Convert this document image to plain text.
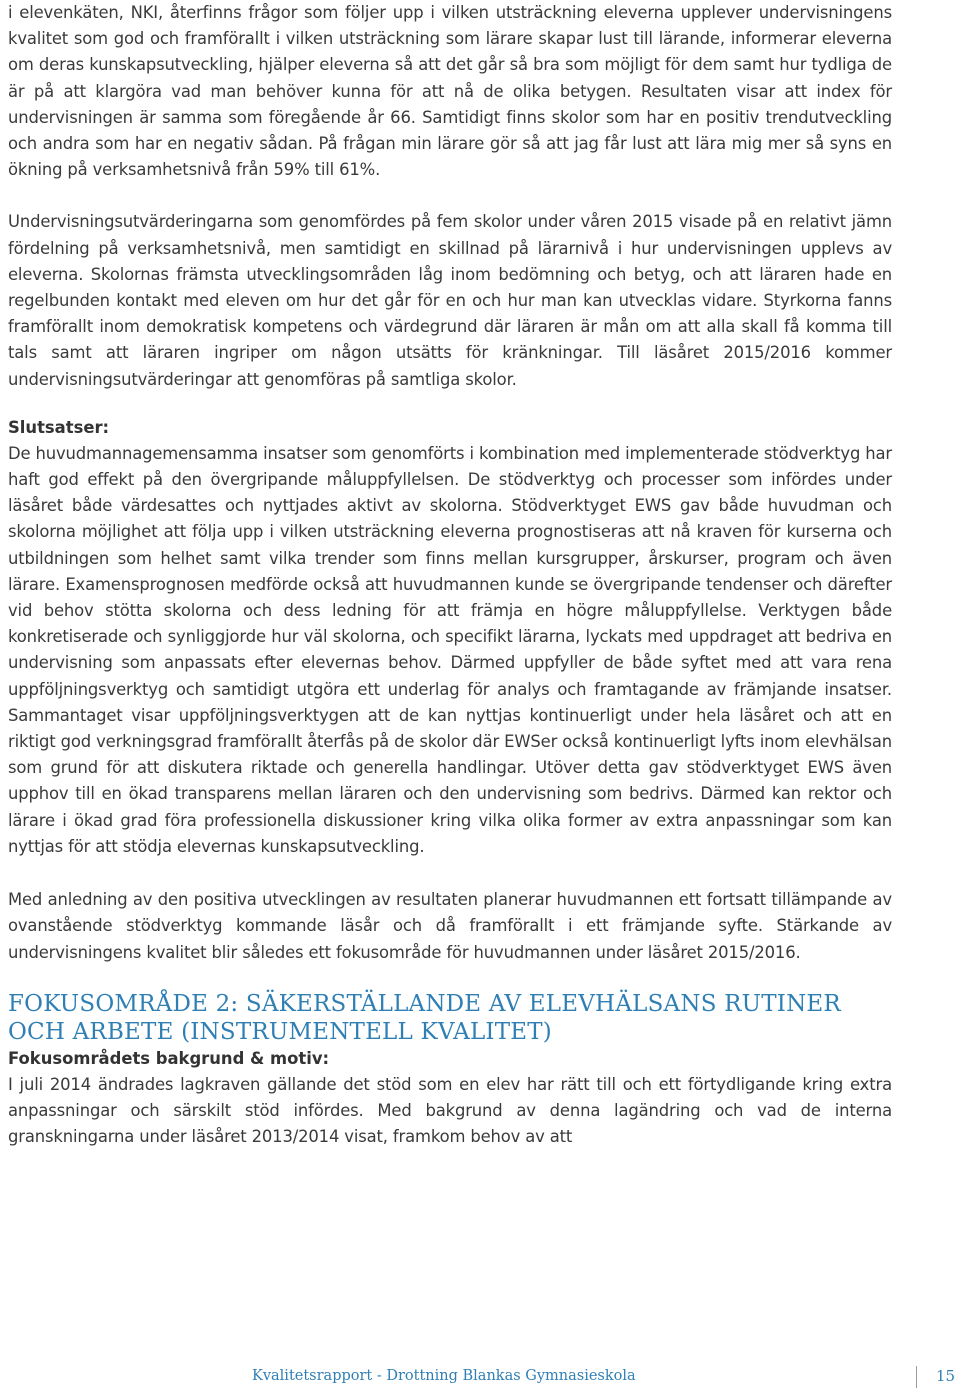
i elevenkäten, NKI, återfinns frågor som följer upp i vilken utsträckning eleverna upplever undervisningens kvalitet som god och framförallt i vilken utsträckning som lärare skapar lust till lärande, informerar eleverna om deras kunskapsutveckling, hjälper eleverna så att det går så bra som möjligt för dem samt hur tydliga de är på att klargöra vad man behöver kunna för att nå de olika betygen. Resultaten visar att index för undervisningen är samma som föregående år 66. Samtidigt finns skolor som har en positiv trendutveckling och andra som har en negativ sådan. På frågan min lärare gör så att jag får lust att lära mig mer så syns en ökning på verksamhetsnivå från 59% till 61%.

Undervisningsutvärderingarna som genomfördes på fem skolor under våren 2015 visade på en relativt jämn fördelning på verksamhetsnivå, men samtidigt en skillnad på lärarnivå i hur undervisningen upplevs av eleverna. Skolornas främsta utvecklingsområden låg inom bedömning och betyg, och att läraren hade en regelbunden kontakt med eleven om hur det går för en och hur man kan utvecklas vidare. Styrkorna fanns framförallt inom demokratisk kompetens och värdegrund där läraren är mån om att alla skall få komma till tals samt att läraren ingriper om någon utsätts för kränkningar. Till läsåret 2015/2016 kommer undervisningsutvärderingar att genomföras på samtliga skolor.

Slutsatser:

De huvudmannagemensamma insatser som genomförts i kombination med implementerade stödverktyg har haft god effekt på den övergripande måluppfyllelsen. De stödverktyg och processer som infördes under läsåret både värdesattes och nyttjades aktivt av skolorna. Stödverktyget EWS gav både huvudman och skolorna möjlighet att följa upp i vilken utsträckning eleverna prognostiseras att nå kraven för kurserna och utbildningen som helhet samt vilka trender som finns mellan kursgrupper, årskurser, program och även lärare. Examensprognosen medförde också att huvudmannen kunde se övergripande tendenser och därefter vid behov stötta skolorna och dess ledning för att främja en högre måluppfyllelse. Verktygen både konkretiserade och synliggjorde hur väl skolorna, och specifikt lärarna, lyckats med uppdraget att bedriva en undervisning som anpassats efter elevernas behov. Därmed uppfyller de både syftet med att vara rena uppföljningsverktyg och samtidigt utgöra ett underlag för analys och framtagande av främjande insatser. Sammantaget visar uppföljningsverktygen att de kan nyttjas kontinuerligt under hela läsåret och att en riktigt god verkningsgrad framförallt återfås på de skolor där EWSer också kontinuerligt lyfts inom elevhälsan som grund för att diskutera riktade och generella handlingar. Utöver detta gav stödverktyget EWS även upphov till en ökad transparens mellan läraren och den undervisning som bedrivs. Därmed kan rektor och lärare i ökad grad föra professionella diskussioner kring vilka olika former av extra anpassningar som kan nyttjas för att stödja elevernas kunskapsutveckling.

Med anledning av den positiva utvecklingen av resultaten planerar huvudmannen ett fortsatt tillämpande av ovanstående stödverktyg kommande läsår och då framförallt i ett främjande syfte. Stärkande av undervisningens kvalitet blir således ett fokusområde för huvudmannen under läsåret 2015/2016.

FOKUSOMRÅDE 2: SÄKERSTÄLLANDE AV ELEVHÄLSANS RUTINER OCH ARBETE (INSTRUMENTELL KVALITET)
Fokusområdets bakgrund & motiv:

I juli 2014 ändrades lagkraven gällande det stöd som en elev har rätt till och ett förtydligande kring extra anpassningar och särskilt stöd infördes. Med bakgrund av denna lagändring och vad de interna granskningarna under läsåret 2013/2014 visat, framkom behov av att

Kvalitetsrapport - Drottning Blankas Gymnasieskola	15
